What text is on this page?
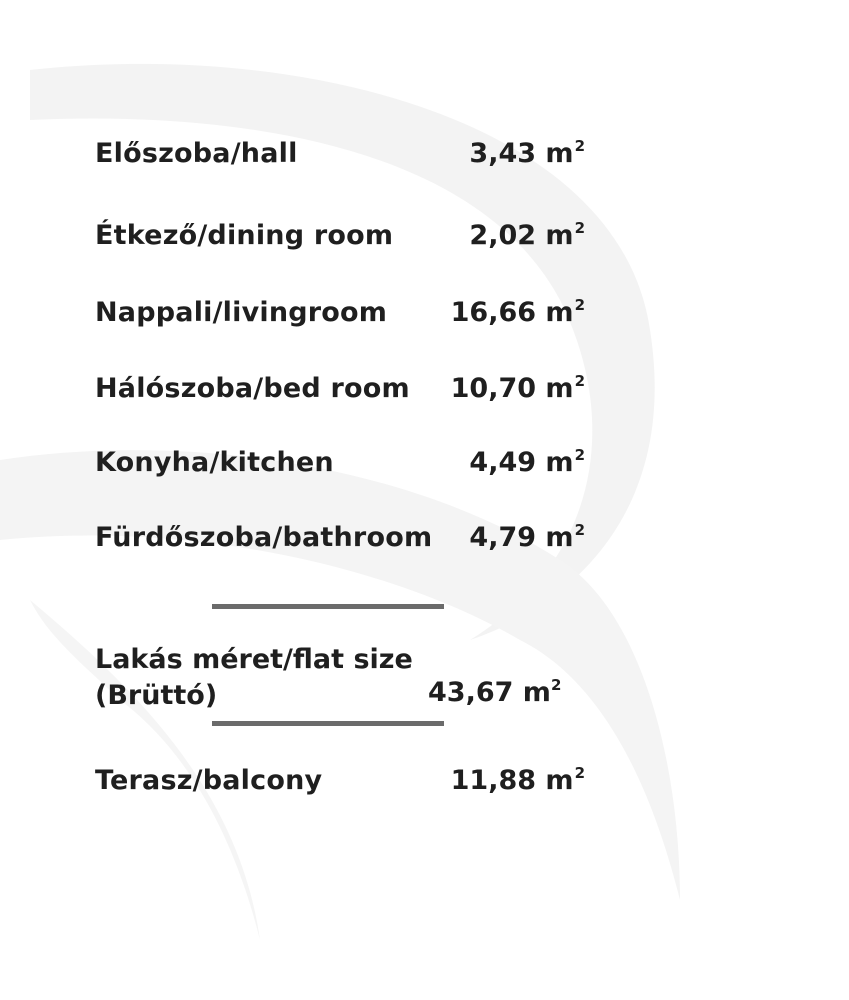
Előszoba/hall	3,43 $m^2$
Étkező/dining room	2,02 $m^2$
Nappali/livingroom 16,66 $m^2$
Hálószoba/bed room 10,70 $m^2$
Konyha/kitchen	4,49 $m^2$
Fürdőszoba/bathroom 4,79 $m^2$
Lakás méret/flat size
(Brüttó)	43,67 $m^2$
Terasz/balcony	11,88 $m^2$
